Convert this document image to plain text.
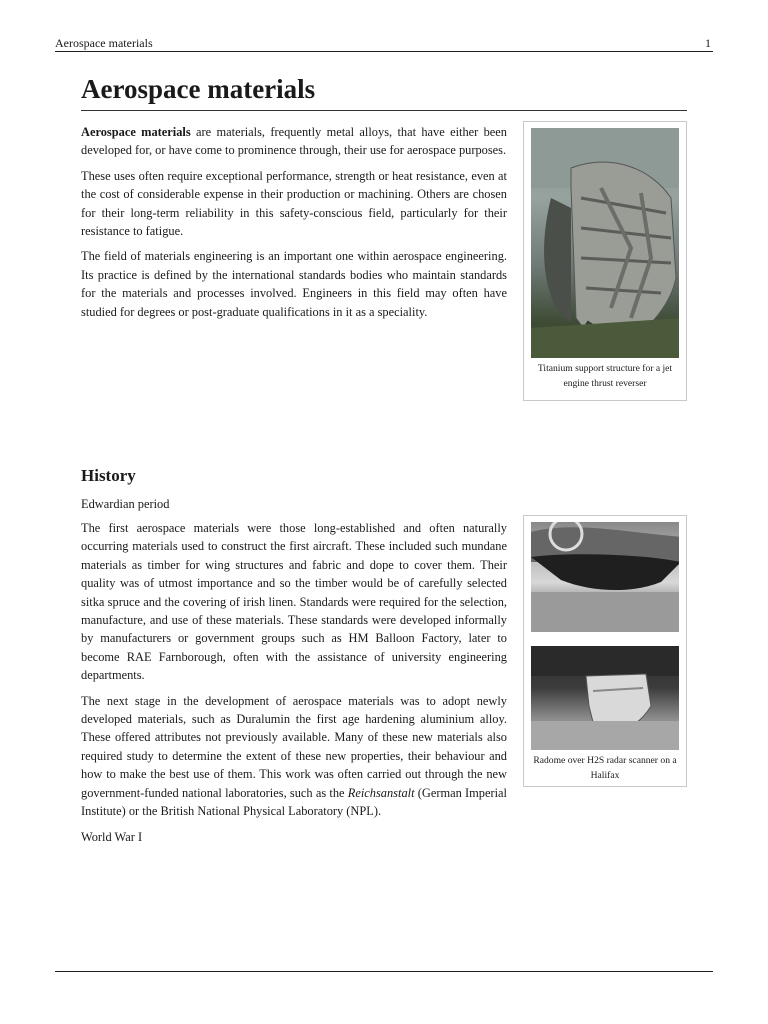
Aerospace materials	1
Aerospace materials
Titanium support structure for a jet engine thrust reverser

Aerospace materials are materials, frequently metal alloys, that have either been developed for, or have come to prominence through, their use for aerospace purposes.

These uses often require exceptional performance, strength or heat resistance, even at the cost of considerable expense in their production or machining. Others are chosen for their long-term reliability in this safety-conscious field, particularly for their resistance to fatigue.

The field of materials engineering is an important one within aerospace engineering. Its practice is defined by the international standards bodies who maintain standards for the materials and processes involved. Engineers in this field may often have studied for degrees or post-graduate qualifications in it as a speciality.

History
Edwardian period
Radome over H2S radar scanner on a Halifax

The first aerospace materials were those long-established and often naturally occurring materials used to construct the first aircraft. These included such mundane materials as timber for wing structures and fabric and dope to cover them. Their quality was of utmost importance and so the timber would be of carefully selected sitka spruce and the covering of irish linen. Standards were required for the selection, manufacture, and use of these materials. These standards were developed informally by manufacturers or government groups such as HM Balloon Factory, later to become RAE Farnborough, often with the assistance of university engineering departments.

The next stage in the development of aerospace materials was to adopt newly developed materials, such as Duralumin the first age hardening aluminium alloy. These offered attributes not previously available. Many of these new materials also required study to determine the extent of these new properties, their behaviour and how to make the best use of them. This work was often carried out through the new government-funded national laboratories, such as the Reichsanstalt (German Imperial Institute) or the British National Physical Laboratory (NPL).

World War I
